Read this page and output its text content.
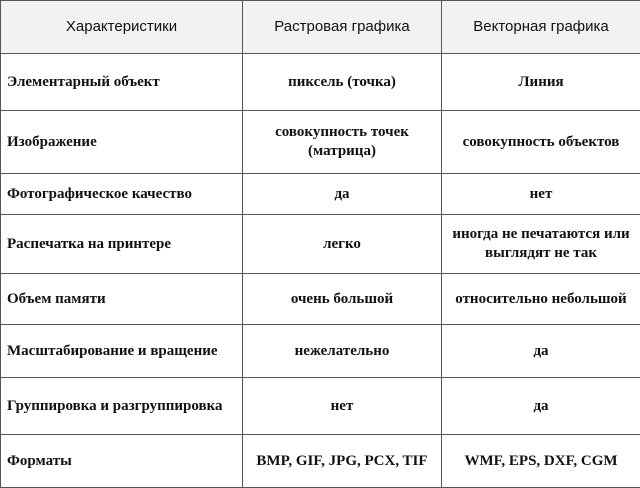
Характеристики	Растровая графика	Векторная графика
Элементарный объект	пиксель (точка)	Линия
Изображение	совокупность точек (матрица)	совокупность объектов
Фотографическое качество	да	нет
Распечатка на принтере	легко	иногда не печатаются или выглядят не так
Объем памяти	очень большой	относительно небольшой
Масштабирование и вращение	нежелательно	да
Группировка и разгруппировка	нет	да
Форматы	BMP, GIF, JPG, PCX, TIF	WMF, EPS, DXF, CGM
